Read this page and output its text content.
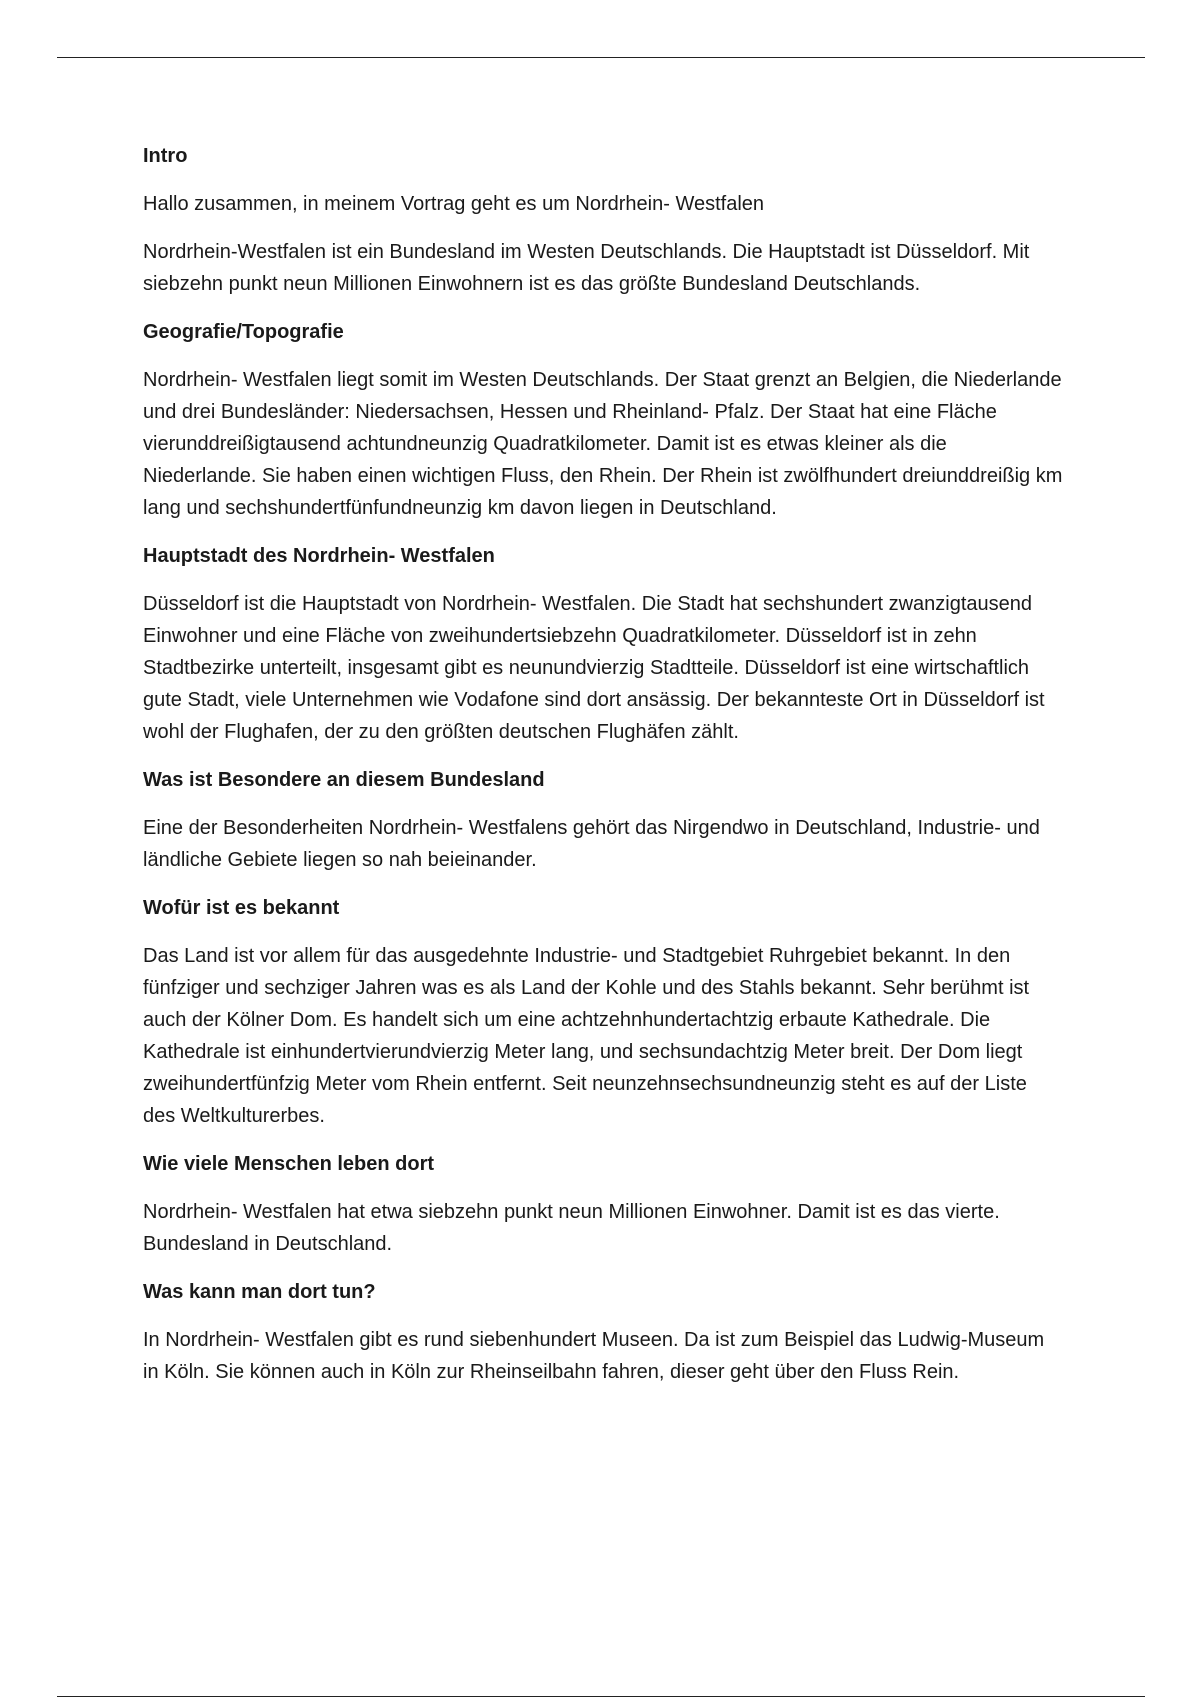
Intro

Hallo zusammen, in meinem Vortrag geht es um Nordrhein- Westfalen

Nordrhein-Westfalen ist ein Bundesland im Westen Deutschlands. Die Hauptstadt ist Düsseldorf. Mit siebzehn punkt neun Millionen Einwohnern ist es das größte Bundesland Deutschlands.

Geografie/Topografie

Nordrhein- Westfalen liegt somit im Westen Deutschlands. Der Staat grenzt an Belgien, die Niederlande und drei Bundesländer: Niedersachsen, Hessen und Rheinland- Pfalz. Der Staat hat eine Fläche vierunddreißigtausend achtundneunzig Quadratkilometer. Damit ist es etwas kleiner als die Niederlande. Sie haben einen wichtigen Fluss, den Rhein. Der Rhein ist zwölfhundert dreiunddreißig km lang und sechshundertfünfundneunzig km davon liegen in Deutschland.

Hauptstadt des Nordrhein- Westfalen

Düsseldorf ist die Hauptstadt von Nordrhein- Westfalen. Die Stadt hat sechshundert zwanzigtausend Einwohner und eine Fläche von zweihundertsiebzehn Quadratkilometer. Düsseldorf ist in zehn Stadtbezirke unterteilt, insgesamt gibt es neunundvierzig Stadtteile. Düsseldorf ist eine wirtschaftlich gute Stadt, viele Unternehmen wie Vodafone sind dort ansässig. Der bekannteste Ort in Düsseldorf ist wohl der Flughafen, der zu den größten deutschen Flughäfen zählt.

Was ist Besondere an diesem Bundesland

Eine der Besonderheiten Nordrhein- Westfalens gehört das Nirgendwo in Deutschland, Industrie- und ländliche Gebiete liegen so nah beieinander.

Wofür ist es bekannt

Das Land ist vor allem für das ausgedehnte Industrie- und Stadtgebiet Ruhrgebiet bekannt. In den fünfziger und sechziger Jahren was es als Land der Kohle und des Stahls bekannt. Sehr berühmt ist auch der Kölner Dom. Es handelt sich um eine achtzehnhundertachtzig erbaute Kathedrale. Die Kathedrale ist einhundertvierundvierzig Meter lang, und sechsundachtzig Meter breit. Der Dom liegt zweihundertfünfzig Meter vom Rhein entfernt. Seit neunzehnsechsundneunzig steht es auf der Liste des Weltkulturerbes.

Wie viele Menschen leben dort

Nordrhein- Westfalen hat etwa siebzehn punkt neun Millionen Einwohner. Damit ist es das vierte. Bundesland in Deutschland.

Was kann man dort tun?

In Nordrhein- Westfalen gibt es rund siebenhundert Museen. Da ist zum Beispiel das Ludwig-Museum in Köln. Sie können auch in Köln zur Rheinseilbahn fahren, dieser geht über den Fluss Rein.
